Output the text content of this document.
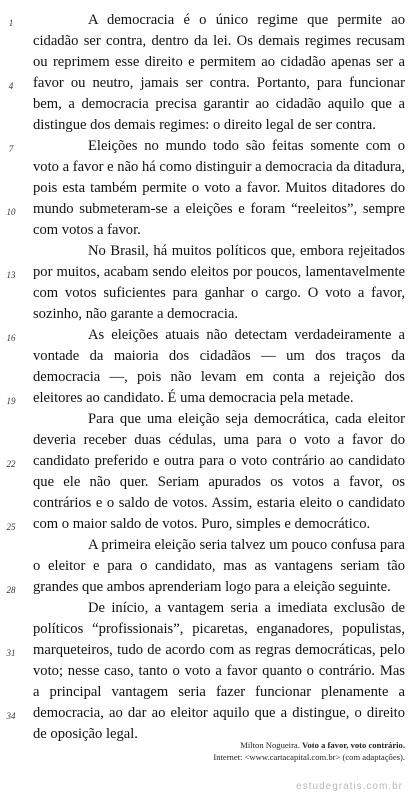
A democracia é o único regime que permite ao
cidadão ser contra, dentro da lei. Os demais regimes recusam
ou reprimem esse direito e permitem ao cidadão apenas ser a
favor ou neutro, jamais ser contra. Portanto, para funcionar
bem, a democracia precisa garantir ao cidadão aquilo que a
distingue dos demais regimes: o direito legal de ser contra.
Eleições no mundo todo são feitas somente com o
voto a favor e não há como distinguir a democracia da ditadura,
pois esta também permite o voto a favor. Muitos ditadores do
mundo submeteram-se a eleições e foram “reeleitos”, sempre
com votos a favor.
No Brasil, há muitos políticos que, embora rejeitados
por muitos, acabam sendo eleitos por poucos, lamentavelmente
com votos suficientes para ganhar o cargo. O voto a favor,
sozinho, não garante a democracia.
As eleições atuais não detectam verdadeiramente a
vontade da maioria dos cidadãos — um dos traços da
democracia —, pois não levam em conta a rejeição dos
eleitores ao candidato. É uma democracia pela metade.
Para que uma eleição seja democrática, cada eleitor
deveria receber duas cédulas, uma para o voto a favor do
candidato preferido e outra para o voto contrário ao candidato
que ele não quer. Seriam apurados os votos a favor, os
contrários e o saldo de votos. Assim, estaria eleito o candidato
com o maior saldo de votos. Puro, simples e democrático.
A primeira eleição seria talvez um pouco confusa para
o eleitor e para o candidato, mas as vantagens seriam tão
grandes que ambos aprenderiam logo para a eleição seguinte.
De início, a vantagem seria a imediata exclusão de
políticos “profissionais”, picaretas, enganadores, populistas,
marqueteiros, tudo de acordo com as regras democráticas, pelo
voto; nesse caso, tanto o voto a favor quanto o contrário. Mas
a principal vantagem seria fazer funcionar plenamente a
democracia, ao dar ao eleitor aquilo que a distingue, o direito
de oposição legal.
1
4
7
10
13
16
19
22
25
28
31
34
Milton Nogueira. Voto a favor, voto contrário.
Internet: <www.cartacapital.com.br> (com adaptações).
estudegratis.com.br
